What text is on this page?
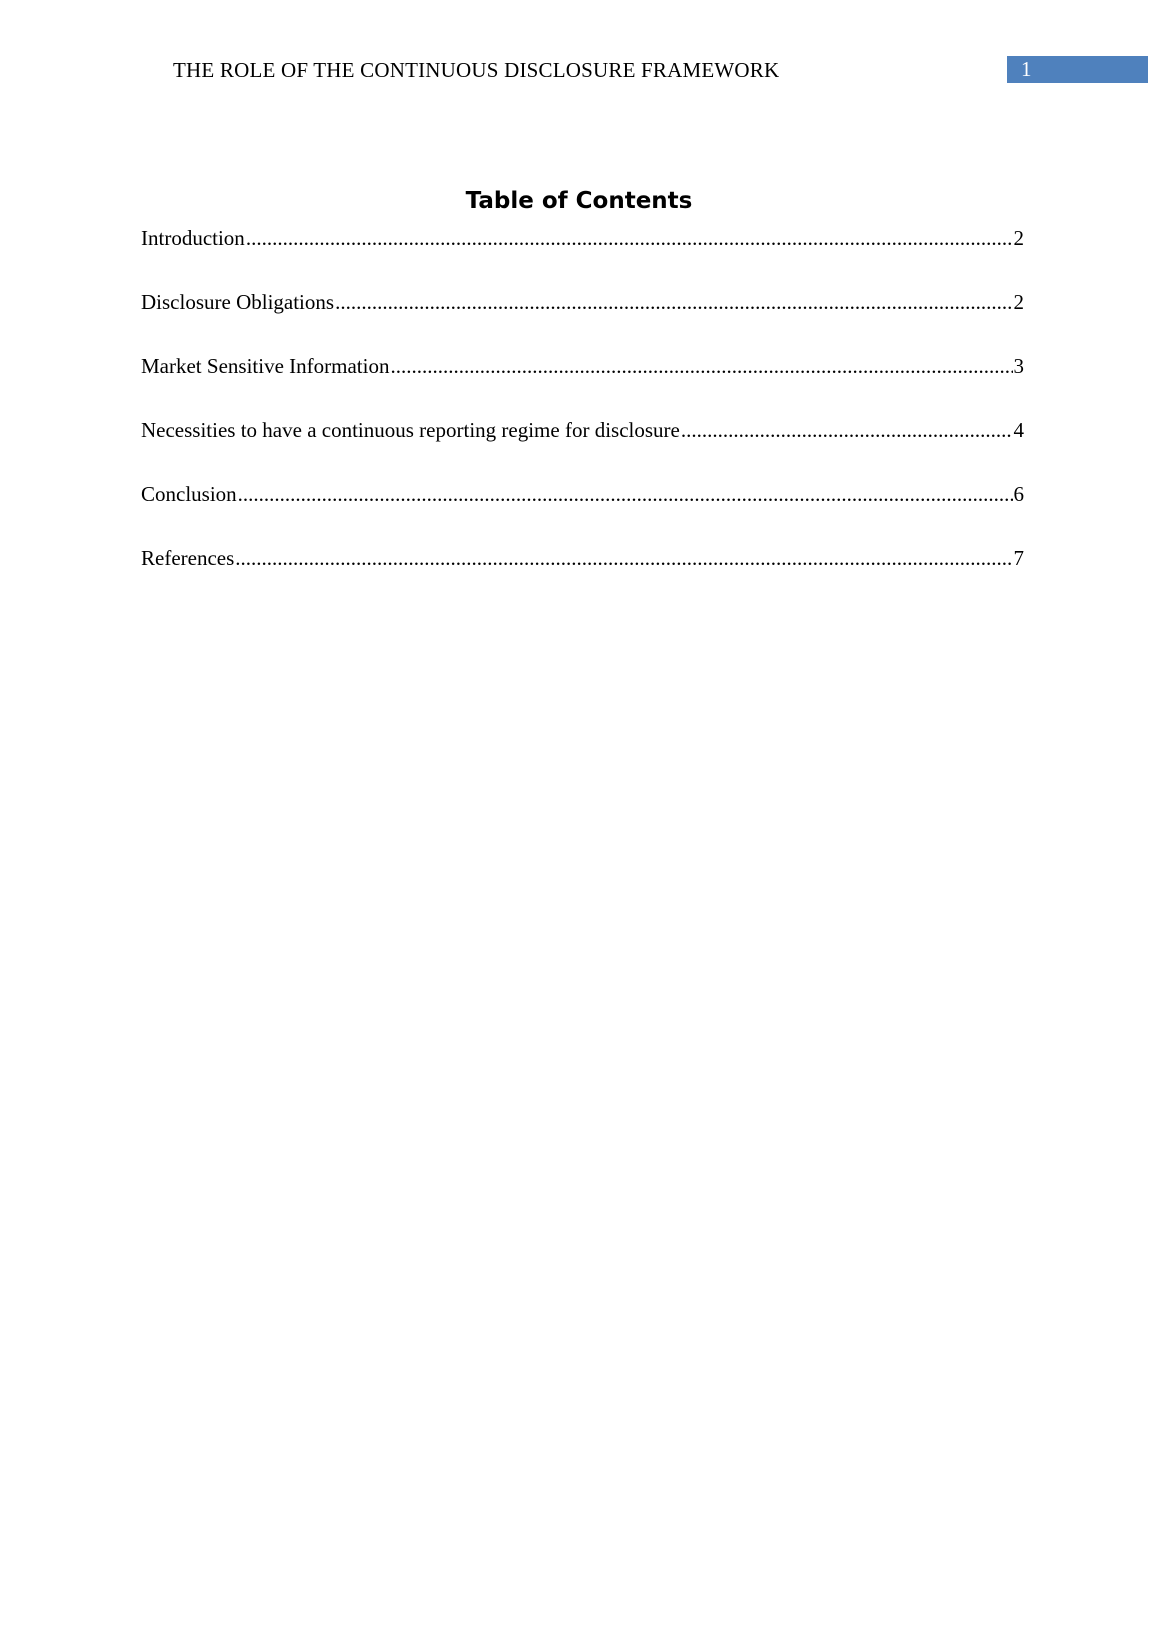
THE ROLE OF THE CONTINUOUS DISCLOSURE FRAMEWORK	1
Table of Contents
Introduction .....	2
Disclosure Obligations .....	2
Market Sensitive Information .....	3
Necessities to have a continuous reporting regime for disclosure .....	4
Conclusion .....	6
References .....	7
